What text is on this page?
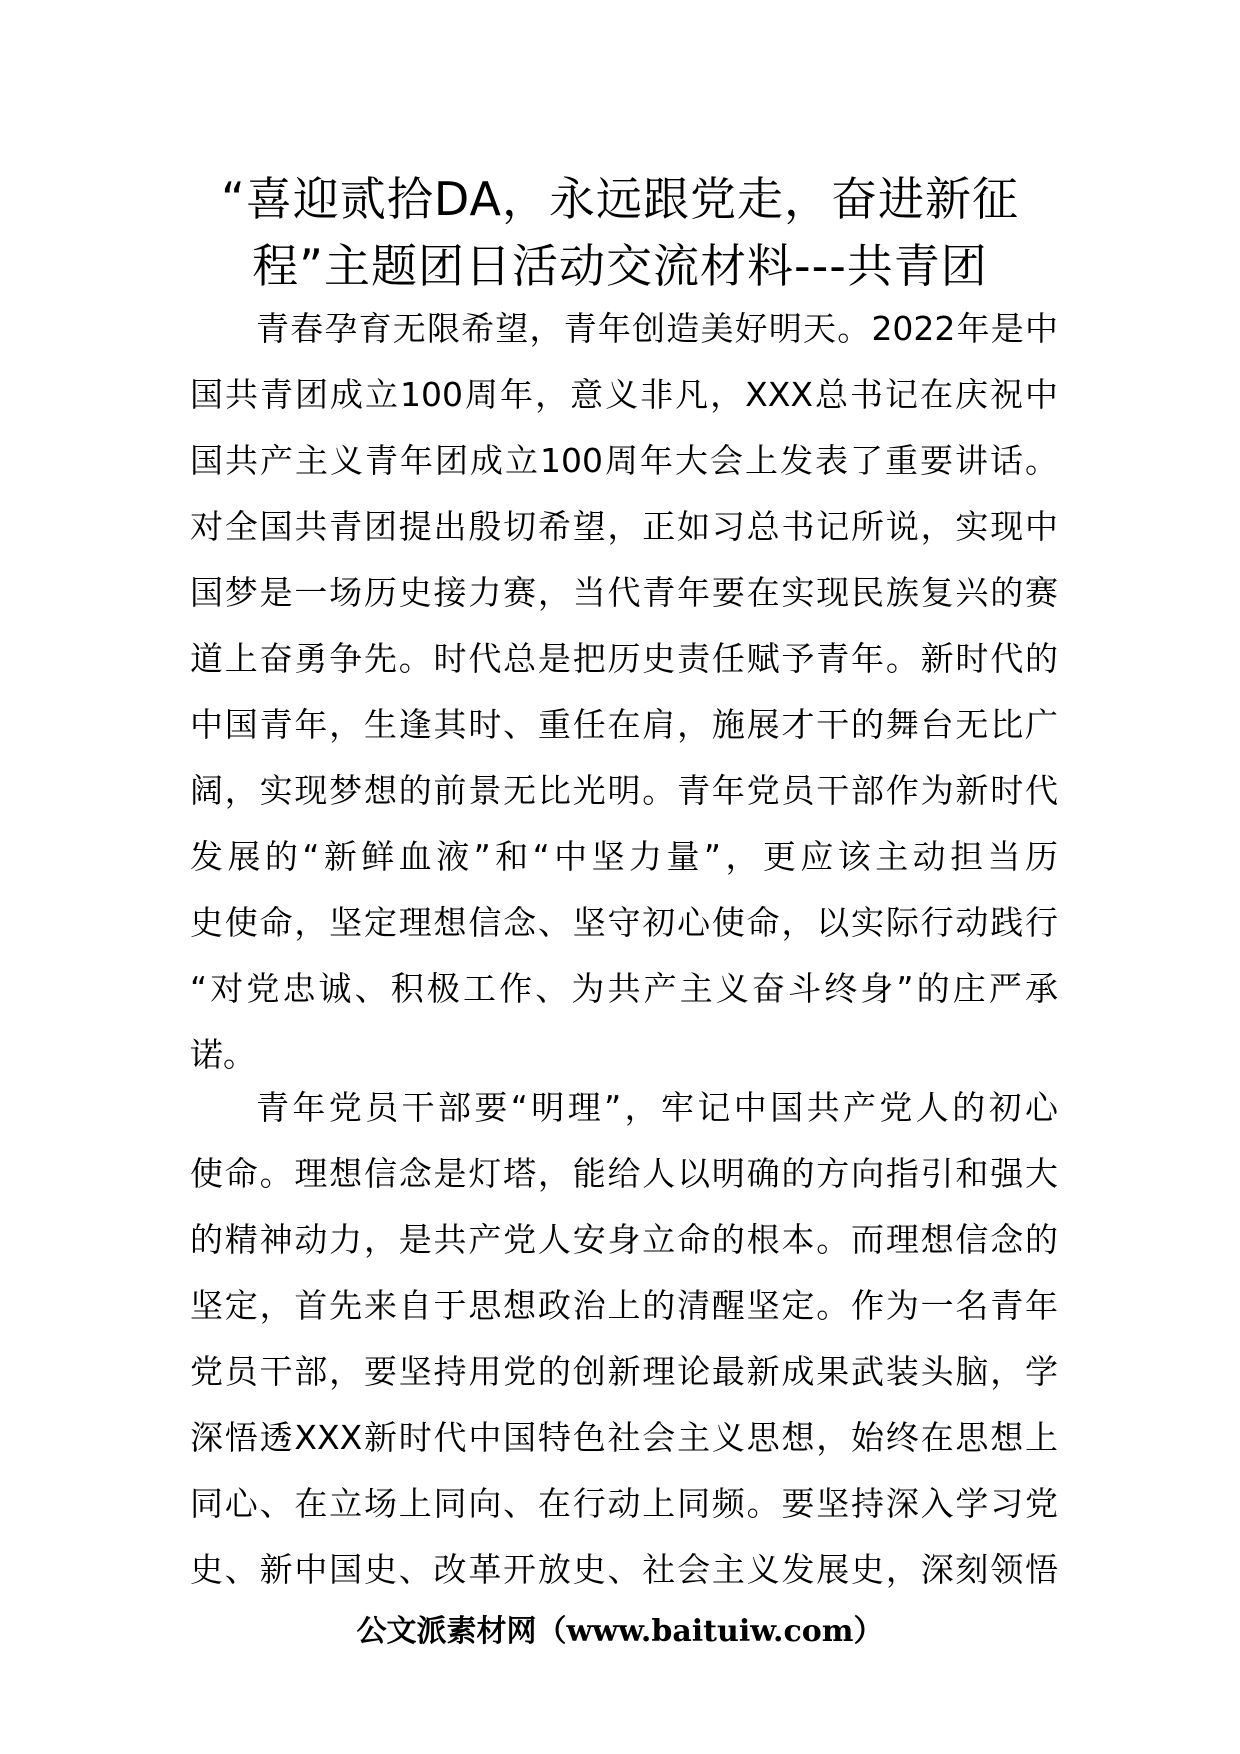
“喜迎贰拾DA，永远跟党走，奋进新征
程”主题团日活动交流材料---共青团
青春孕育无限希望，青年创造美好明天。2022年是中
国共青团成立100周年，意义非凡，XXX总书记在庆祝中
国共产主义青年团成立100周年大会上发表了重要讲话。
对全国共青团提出殷切希望，正如习总书记所说，实现中
国梦是一场历史接力赛，当代青年要在实现民族复兴的赛
道上奋勇争先。时代总是把历史责任赋予青年。新时代的
中国青年，生逢其时、重任在肩，施展才干的舞台无比广
阔，实现梦想的前景无比光明。青年党员干部作为新时代
发展的“新鲜血液”和“中坚力量”，更应该主动担当历
史使命，坚定理想信念、坚守初心使命，以实际行动践行
“对党忠诚、积极工作、为共产主义奋斗终身”的庄严承
诺。
青年党员干部要“明理”，牢记中国共产党人的初心
使命。理想信念是灯塔，能给人以明确的方向指引和强大
的精神动力，是共产党人安身立命的根本。而理想信念的
坚定，首先来自于思想政治上的清醒坚定。作为一名青年
党员干部，要坚持用党的创新理论最新成果武装头脑，学
深悟透XXX新时代中国特色社会主义思想，始终在思想上
同心、在立场上同向、在行动上同频。要坚持深入学习党
史、新中国史、改革开放史、社会主义发展史，深刻领悟
公文派素材网（www.baituiw.com）
